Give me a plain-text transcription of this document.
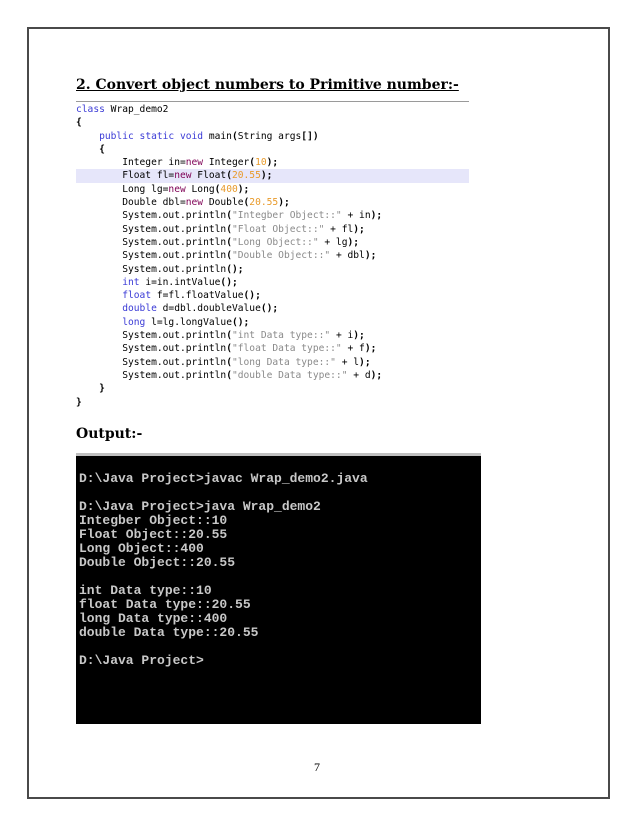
2. Convert object numbers to Primitive number:-
class Wrap_demo2
{
public static void main(String args[])
{
Integer in=new Integer(10);
Float fl=new Float(20.55);
Long lg=new Long(400);
Double dbl=new Double(20.55);
System.out.println("Integber Object::" + in);
System.out.println("Float Object::" + fl);
System.out.println("Long Object::" + lg);
System.out.println("Double Object::" + dbl);
System.out.println();
int i=in.intValue();
float f=fl.floatValue();
double d=dbl.doubleValue();
long l=lg.longValue();
System.out.println("int Data type::" + i);
System.out.println("float Data type::" + f);
System.out.println("long Data type::" + l);
System.out.println("double Data type::" + d);
}
}
Output:-
D:\Java Project>javac Wrap_demo2.java
D:\Java Project>java Wrap_demo2
Integber Object::10
Float Object::20.55
Long Object::400
Double Object::20.55
int Data type::10
float Data type::20.55
long Data type::400
double Data type::20.55
D:\Java Project>
7
